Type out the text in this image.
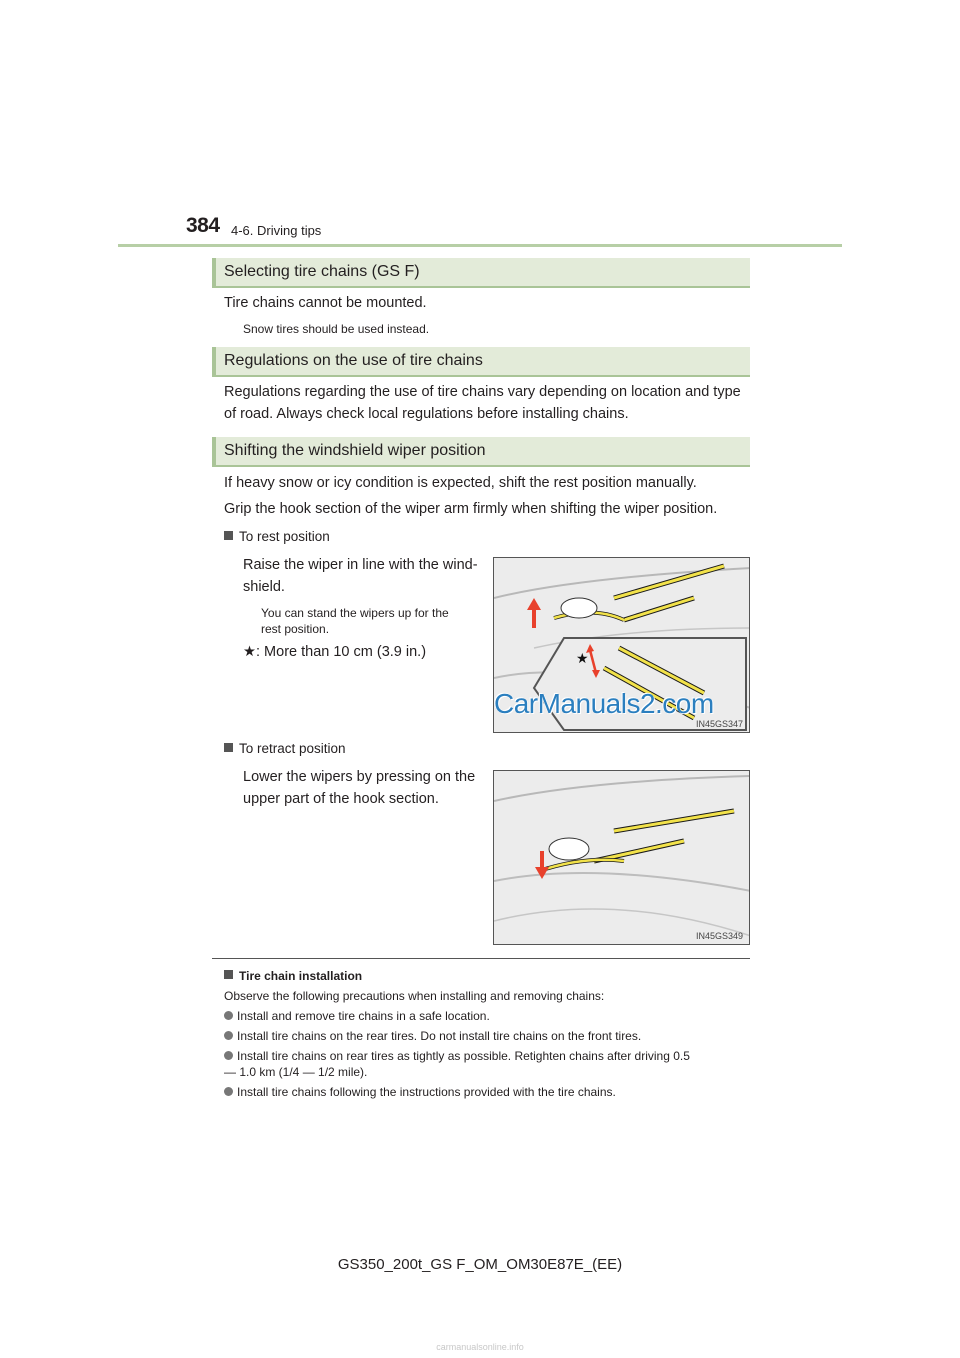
384 4-6. Driving tips
Selecting tire chains (GS F)
Tire chains cannot be mounted.
Snow tires should be used instead.
Regulations on the use of tire chains
Regulations regarding the use of tire chains vary depending on location and type
of road. Always check local regulations before installing chains.
Shifting the windshield wiper position
If heavy snow or icy condition is expected, shift the rest position manually.
Grip the hook section of the wiper arm firmly when shifting the wiper position.
To rest position
Raise the wiper in line with the wind-
shield.
You can stand the wipers up for the
rest position.
★: More than 10 cm (3.9 in.)	★
IN45GS347
CarManuals2.com
To retract position
Lower the wipers by pressing on the
upper part of the hook section.
IN45GS349
Tire chain installation
Observe the following precautions when installing and removing chains:
Install and remove tire chains in a safe location.
Install tire chains on the rear tires. Do not install tire chains on the front tires.
Install tire chains on rear tires as tightly as possible. Retighten chains after driving 0.5
— 1.0 km (1/4 — 1/2 mile).
Install tire chains following the instructions provided with the tire chains.
GS350_200t_GS F_OM_OM30E87E_(EE)
carmanualsonline.info
